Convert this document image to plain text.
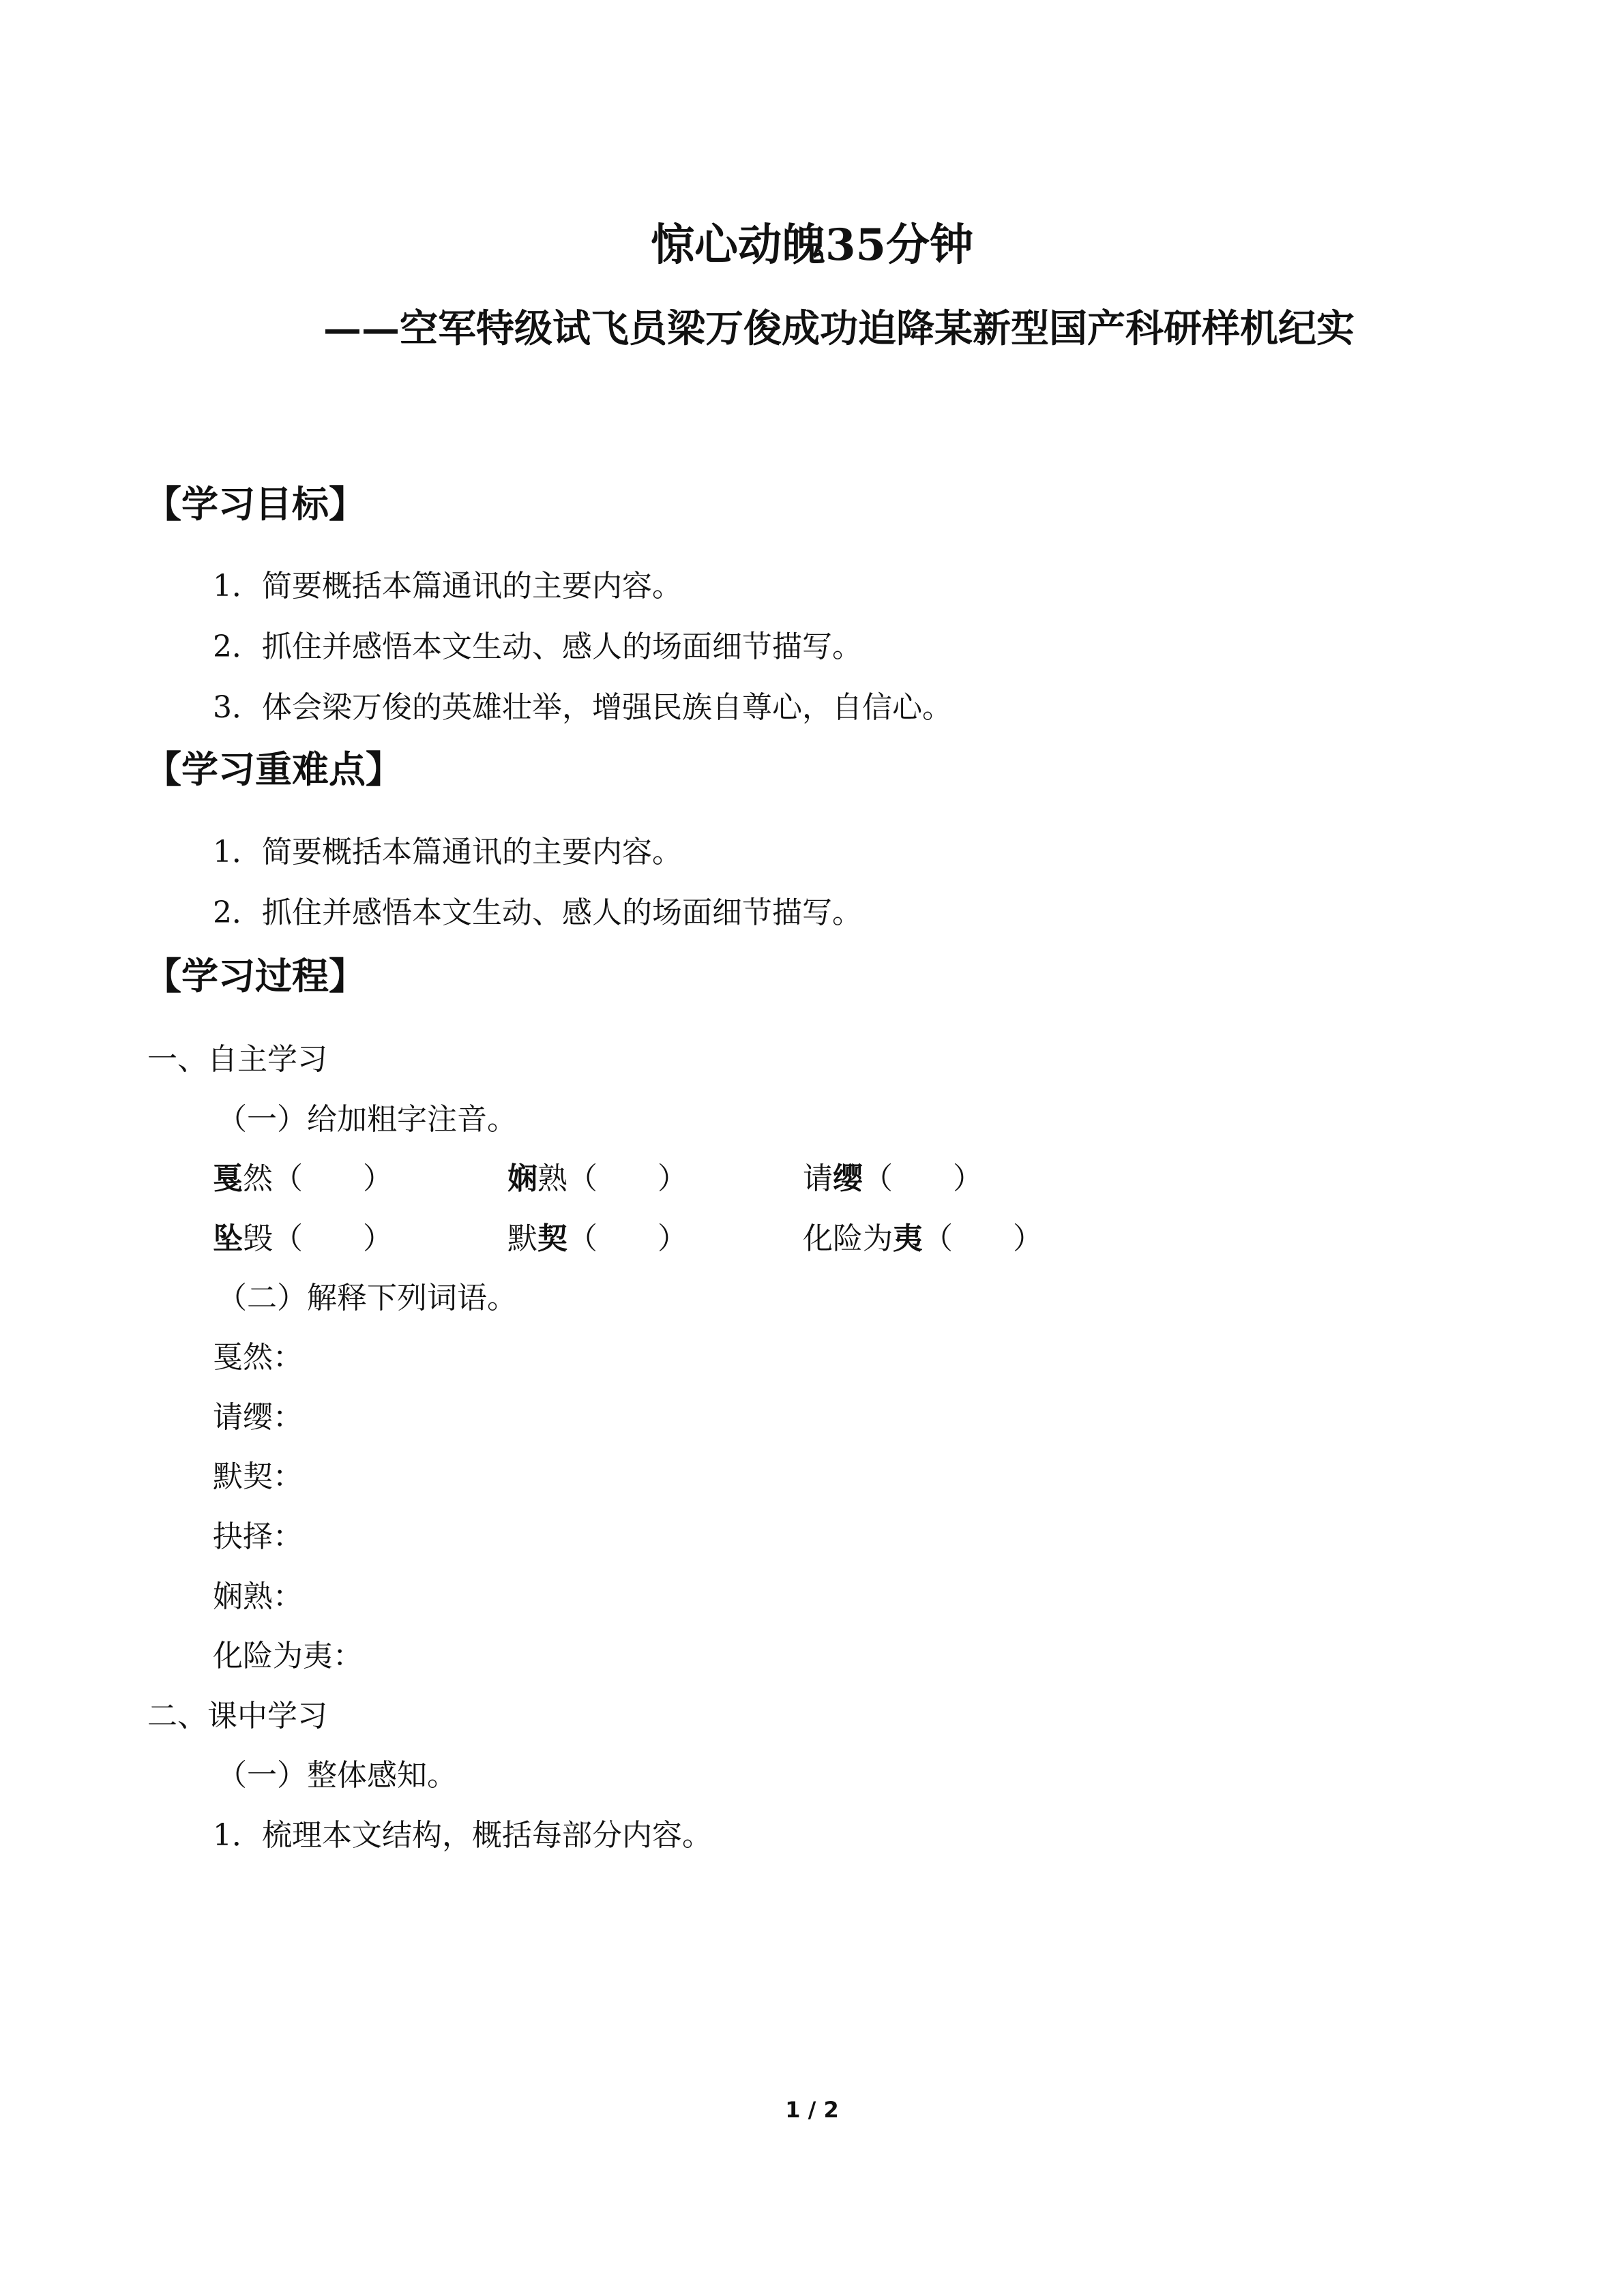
惊心动魄35分钟
——空军特级试飞员梁万俊成功迫降某新型国产科研样机纪实
【学习目标】
1．简要概括本篇通讯的主要内容。
2．抓住并感悟本文生动、感人的场面细节描写。
3．体会梁万俊的英雄壮举，增强民族自尊心，自信心。
【学习重难点】
1．简要概括本篇通讯的主要内容。
2．抓住并感悟本文生动、感人的场面细节描写。
【学习过程】
一、自主学习
（一）给加粗字注音。
戛然（　　）	娴熟（　　）	请缨（　　）
坠毁（　　）	默契（　　）	化险为夷（　　）
（二）解释下列词语。
戛然：
请缨：
默契：
抉择：
娴熟：
化险为夷：
二、课中学习
（一）整体感知。
1．梳理本文结构，概括每部分内容。
1 / 2
